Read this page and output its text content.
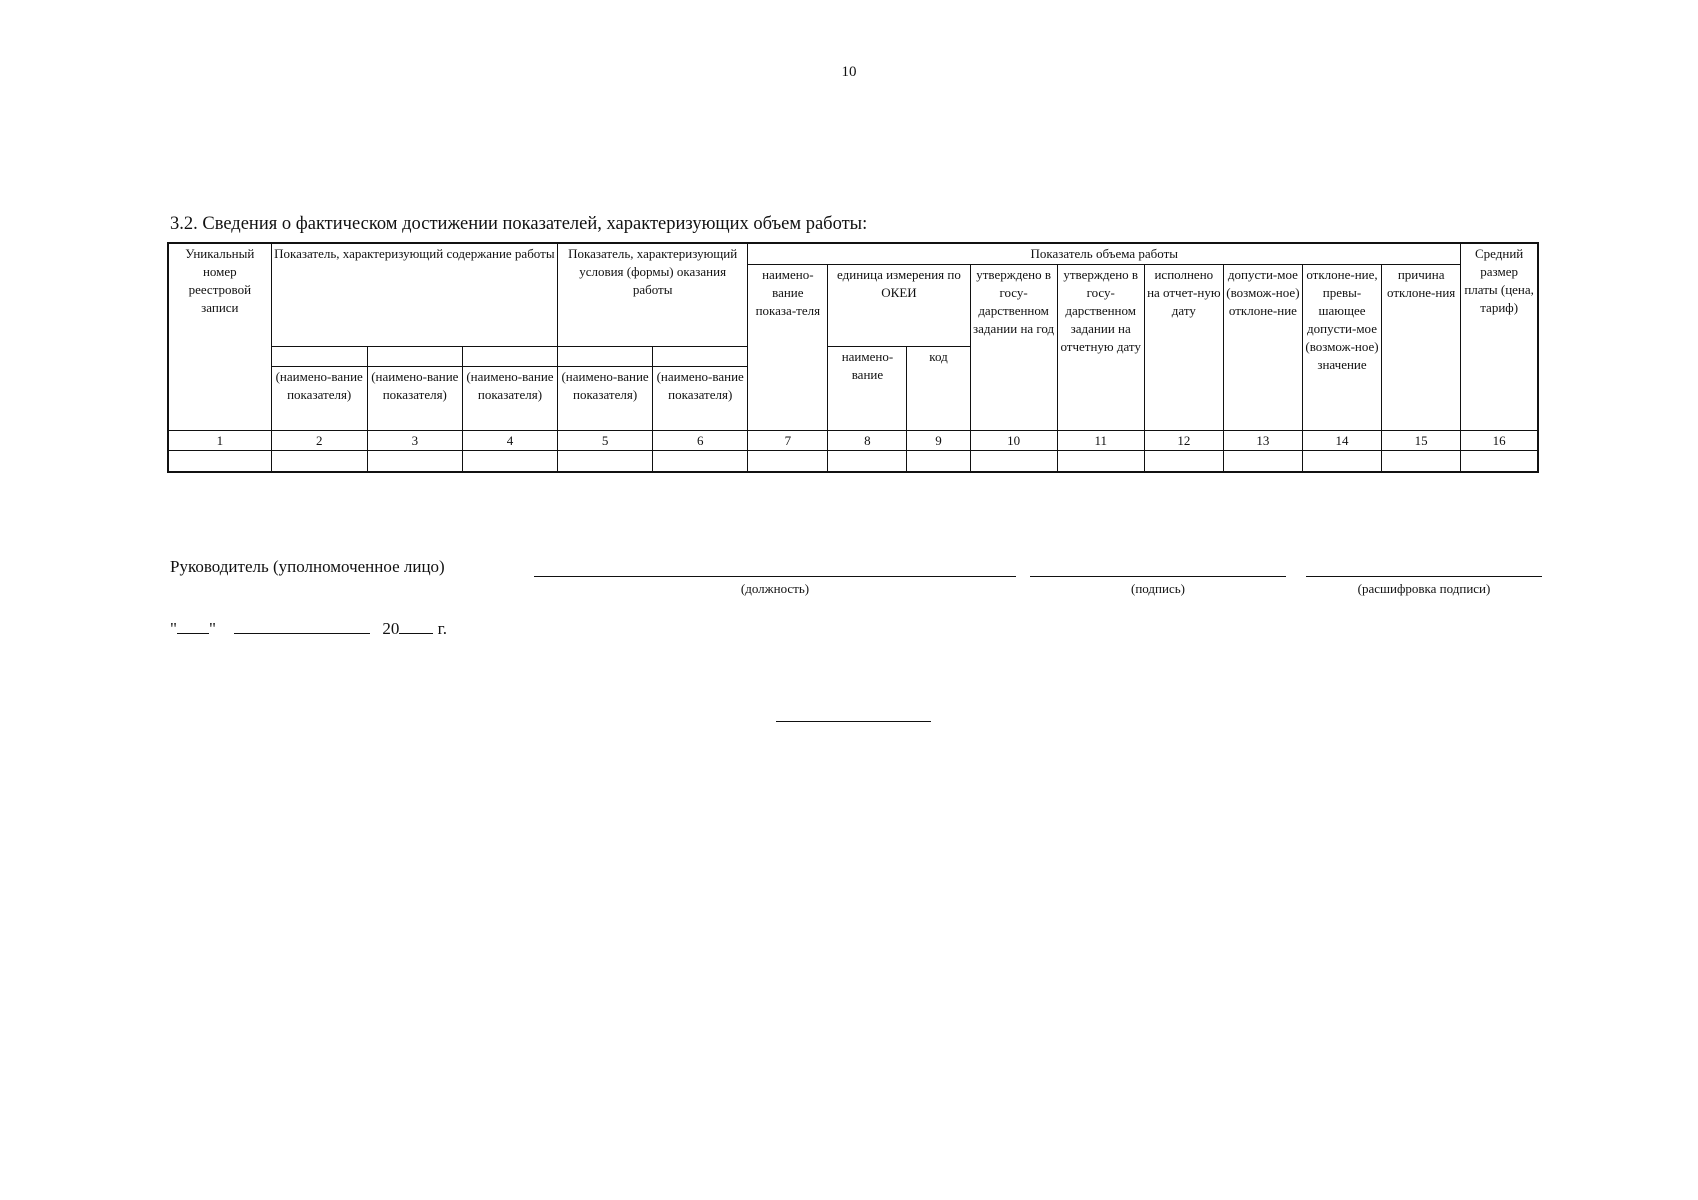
10
3.2. Сведения о фактическом достижении показателей, характеризующих объем работы:
Уникальный номер реестровой записи	Показатель, характеризующий содержание работы			Показатель, характеризующий условия (формы) оказания работы		Показатель объема работы									Средний размер платы (цена, тариф)
						наимено-вание показа-теля	единица измерения по ОКЕИ		утверждено в госу-дарственном задании на год	утверждено в госу-дарственном задании на отчетную дату	исполнено на отчет-ную дату	допусти-мое (возмож-ное) отклоне-ние	отклоне-ние, превы-шающее допусти-мое (возмож-ное) значение	причина отклоне-ния	
							наимено-вание	код							
	(наимено-вание показателя)	(наимено-вание показателя)	(наимено-вание показателя)	(наимено-вание показателя)	(наимено-вание показателя)										
1	2	3	4	5	6	7	8	9	10	11	12	13	14	15	16

Руководитель (уполномоченное лицо)
(должность)	(подпись)	(расшифровка подписи)
" "	20 г.
